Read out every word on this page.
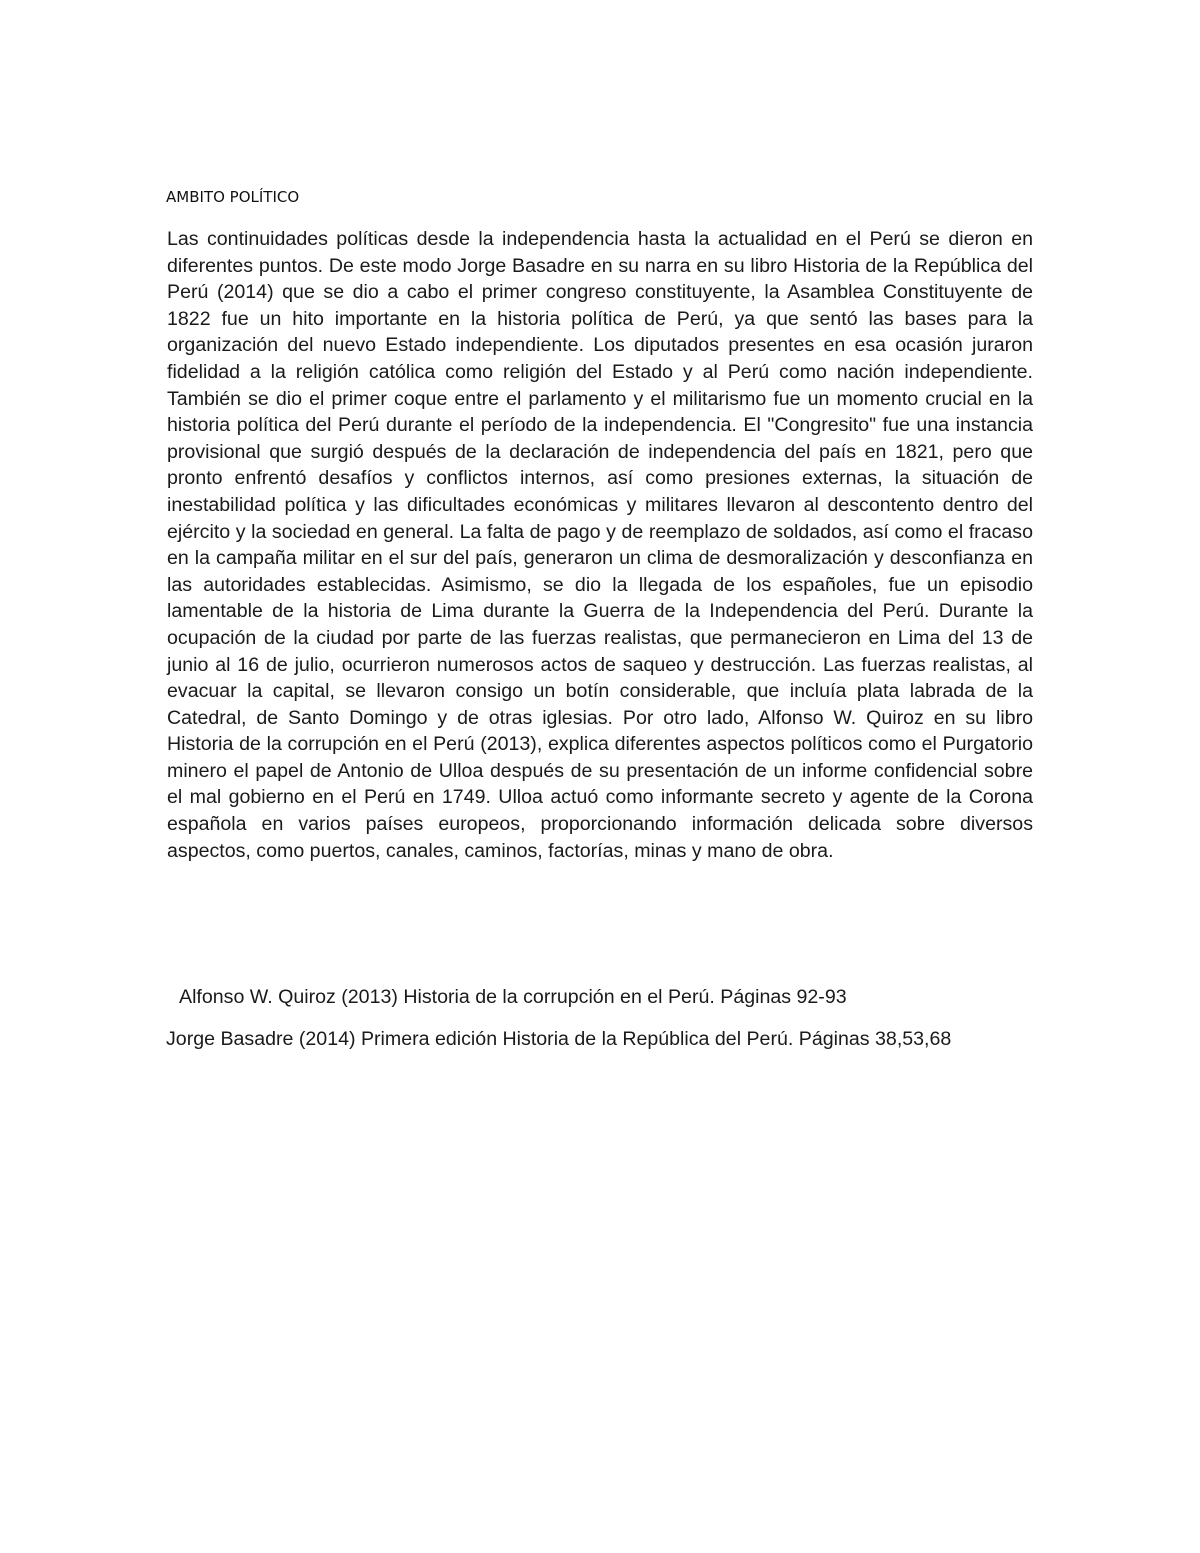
AMBITO POLÍTICO

Las continuidades políticas desde la independencia hasta la actualidad en el Perú se dieron en diferentes puntos. De este modo Jorge Basadre en su narra en su libro Historia de la República del Perú (2014) que se dio a cabo el primer congreso constituyente, la Asamblea Constituyente de 1822 fue un hito importante en la historia política de Perú, ya que sentó las bases para la organización del nuevo Estado independiente. Los diputados presentes en esa ocasión juraron fidelidad a la religión católica como religión del Estado y al Perú como nación independiente. También se dio el primer coque entre el parlamento y el militarismo fue un momento crucial en la historia política del Perú durante el período de la independencia. El "Congresito" fue una instancia provisional que surgió después de la declaración de independencia del país en 1821, pero que pronto enfrentó desafíos y conflictos internos, así como presiones externas, la situación de inestabilidad política y las dificultades económicas y militares llevaron al descontento dentro del ejército y la sociedad en general. La falta de pago y de reemplazo de soldados, así como el fracaso en la campaña militar en el sur del país, generaron un clima de desmoralización y desconfianza en las autoridades establecidas. Asimismo, se dio la llegada de los españoles, fue un episodio lamentable de la historia de Lima durante la Guerra de la Independencia del Perú. Durante la ocupación de la ciudad por parte de las fuerzas realistas, que permanecieron en Lima del 13 de junio al 16 de julio, ocurrieron numerosos actos de saqueo y destrucción. Las fuerzas realistas, al evacuar la capital, se llevaron consigo un botín considerable, que incluía plata labrada de la Catedral, de Santo Domingo y de otras iglesias. Por otro lado, Alfonso W. Quiroz en su libro Historia de la corrupción en el Perú (2013), explica diferentes aspectos políticos como el Purgatorio minero el papel de Antonio de Ulloa después de su presentación de un informe confidencial sobre el mal gobierno en el Perú en 1749. Ulloa actuó como informante secreto y agente de la Corona española en varios países europeos, proporcionando información delicada sobre diversos aspectos, como puertos, canales, caminos, factorías, minas y mano de obra.

Alfonso W. Quiroz (2013) Historia de la corrupción en el Perú. Páginas 92-93

Jorge Basadre (2014) Primera edición Historia de la República del Perú. Páginas 38,53,68
